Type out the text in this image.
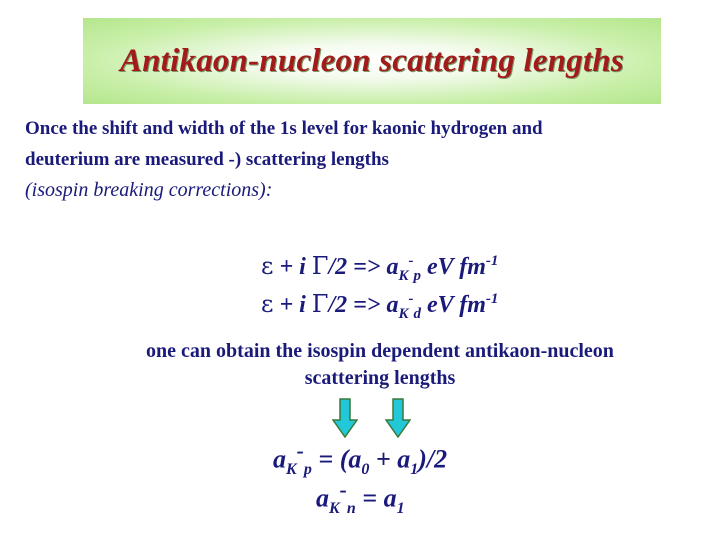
Antikaon-nucleon scattering lengths
Once the shift and width of the 1s level for kaonic hydrogen and
deuterium are measured -) scattering lengths
(isospin breaking corrections):
ε + i $\Gamma/2 => a_K^-_p$ eV $fm^{-1}$
ε + i $\Gamma/2 => a_K^-_d$ eV $fm^{-1}$
one can obtain the isospin dependent antikaon-nucleon
scattering lengths
$a_K^-_p = (a_0 + a_1)/2$
$a_K^-_n = a_1$
